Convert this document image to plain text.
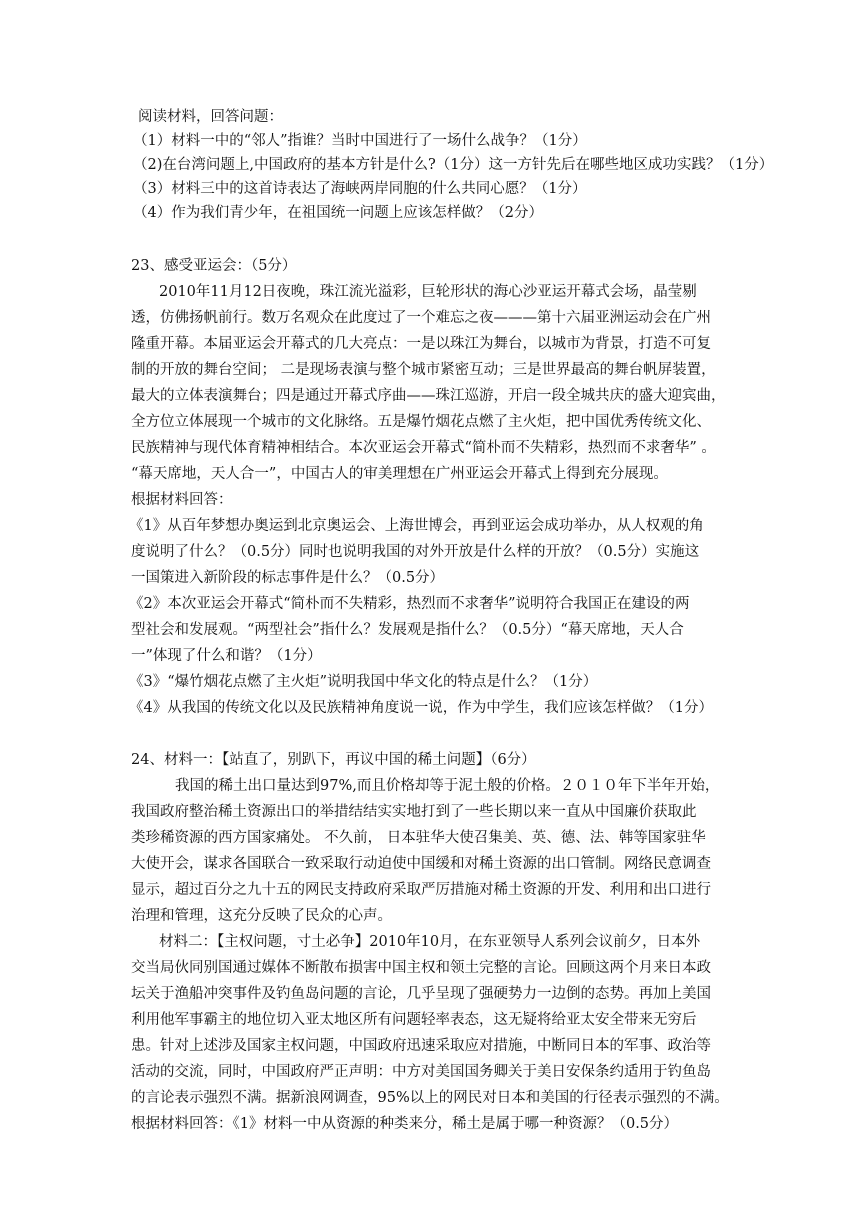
阅读材料，回答问题：
（1）材料一中的“邻人”指谁？当时中国进行了一场什么战争？（1分）
（2)在台湾问题上,中国政府的基本方针是什么?（1分）这一方针先后在哪些地区成功实践？（1分）
（3）材料三中的这首诗表达了海峡两岸同胞的什么共同心愿？（1分）
（4）作为我们青少年，在祖国统一问题上应该怎样做？（2分）
23、感受亚运会：（5分）
2010年11月12日夜晚，珠江流光溢彩，巨轮形状的海心沙亚运开幕式会场，晶莹剔
透，仿佛扬帆前行。数万名观众在此度过了一个难忘之夜———第十六届亚洲运动会在广州
隆重开幕。本届亚运会开幕式的几大亮点：一是以珠江为舞台，以城市为背景，打造不可复
制的开放的舞台空间； 二是现场表演与整个城市紧密互动；三是世界最高的舞台帆屏装置，
最大的立体表演舞台；四是通过开幕式序曲——珠江巡游，开启一段全城共庆的盛大迎宾曲，
全方位立体展现一个城市的文化脉络。五是爆竹烟花点燃了主火炬，把中国优秀传统文化、
民族精神与现代体育精神相结合。本次亚运会开幕式“简朴而不失精彩，热烈而不求奢华” 。
“幕天席地，天人合一”，中国古人的审美理想在广州亚运会开幕式上得到充分展现。
根据材料回答：
《1》从百年梦想办奥运到北京奥运会、上海世博会，再到亚运会成功举办，从人权观的角
度说明了什么？（0.5分）同时也说明我国的对外开放是什么样的开放？（0.5分）实施这
一国策进入新阶段的标志事件是什么？（0.5分）
《2》本次亚运会开幕式“简朴而不失精彩，热烈而不求奢华”说明符合我国正在建设的两
型社会和发展观。“两型社会”指什么？发展观是指什么？（0.5分）“幕天席地，天人合
一”体现了什么和谐？（1分）
《3》“爆竹烟花点燃了主火炬”说明我国中华文化的特点是什么？（1分）
《4》从我国的传统文化以及民族精神角度说一说，作为中学生，我们应该怎样做？（1分）
24、材料一：【站直了，别趴下，再议中国的稀土问题】（6分）
我国的稀土出口量达到97%,而且价格却等于泥土般的价格。２０１０年下半年开始，
我国政府整治稀土资源出口的举措结结实实地打到了一些长期以来一直从中国廉价获取此
类珍稀资源的西方国家痛处。 不久前， 日本驻华大使召集美、英、德、法、韩等国家驻华
大使开会，谋求各国联合一致采取行动迫使中国缓和对稀土资源的出口管制。网络民意调查
显示，超过百分之九十五的网民支持政府采取严厉措施对稀土资源的开发、利用和出口进行
治理和管理，这充分反映了民众的心声。
材料二：【主权问题，寸土必争】2010年10月，在东亚领导人系列会议前夕，日本外
交当局伙同别国通过媒体不断散布损害中国主权和领土完整的言论。回顾这两个月来日本政
坛关于渔船冲突事件及钓鱼岛问题的言论，几乎呈现了强硬势力一边倒的态势。再加上美国
利用他军事霸主的地位切入亚太地区所有问题轻率表态，这无疑将给亚太安全带来无穷后
患。针对上述涉及国家主权问题，中国政府迅速采取应对措施，中断同日本的军事、政治等
活动的交流，同时，中国政府严正声明：中方对美国国务卿关于美日安保条约适用于钓鱼岛
的言论表示强烈不满。据新浪网调查，95%以上的网民对日本和美国的行径表示强烈的不满。
根据材料回答：《1》材料一中从资源的种类来分，稀土是属于哪一种资源？（0.5分）
